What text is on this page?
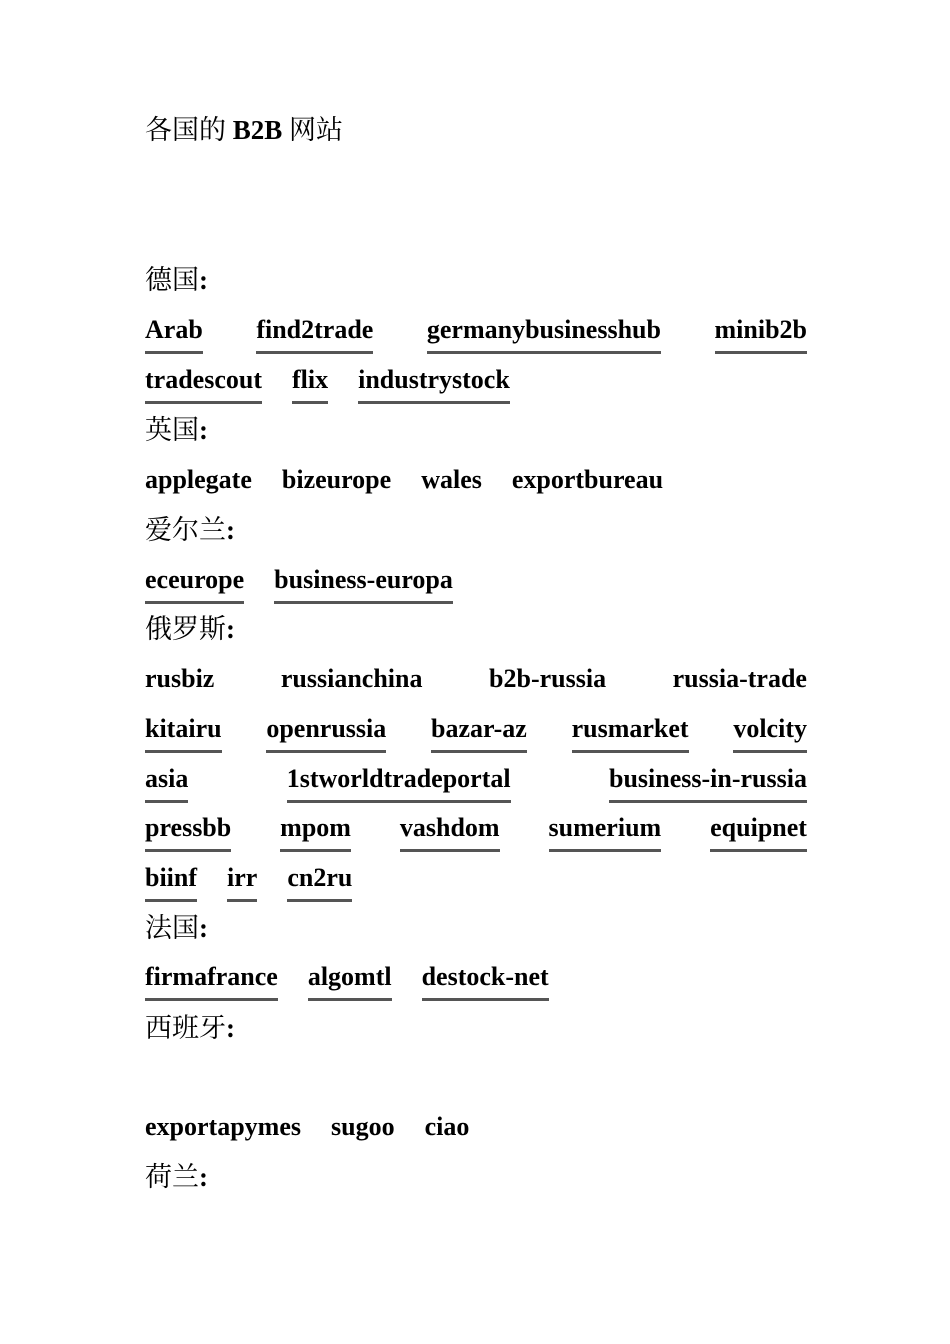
各国的 B2B 网站
德国:
Arab find2trade germanybusinesshub minib2b
tradescout flix industrystock
英国:
applegate bizeurope wales exportbureau
爱尔兰:
eceurope business-europa
俄罗斯:
rusbiz	russianchina	b2b-russia	russia-trade
kitairu openrussia bazar-az rusmarket volcity
asia	1stworldtradeportal	business-in-russia
pressbb mpom vashdom sumerium equipnet
biinf irr cn2ru
法国:
firmafrance algomtl destock-net
西班牙:
exportapymes sugoo ciao
荷兰:
